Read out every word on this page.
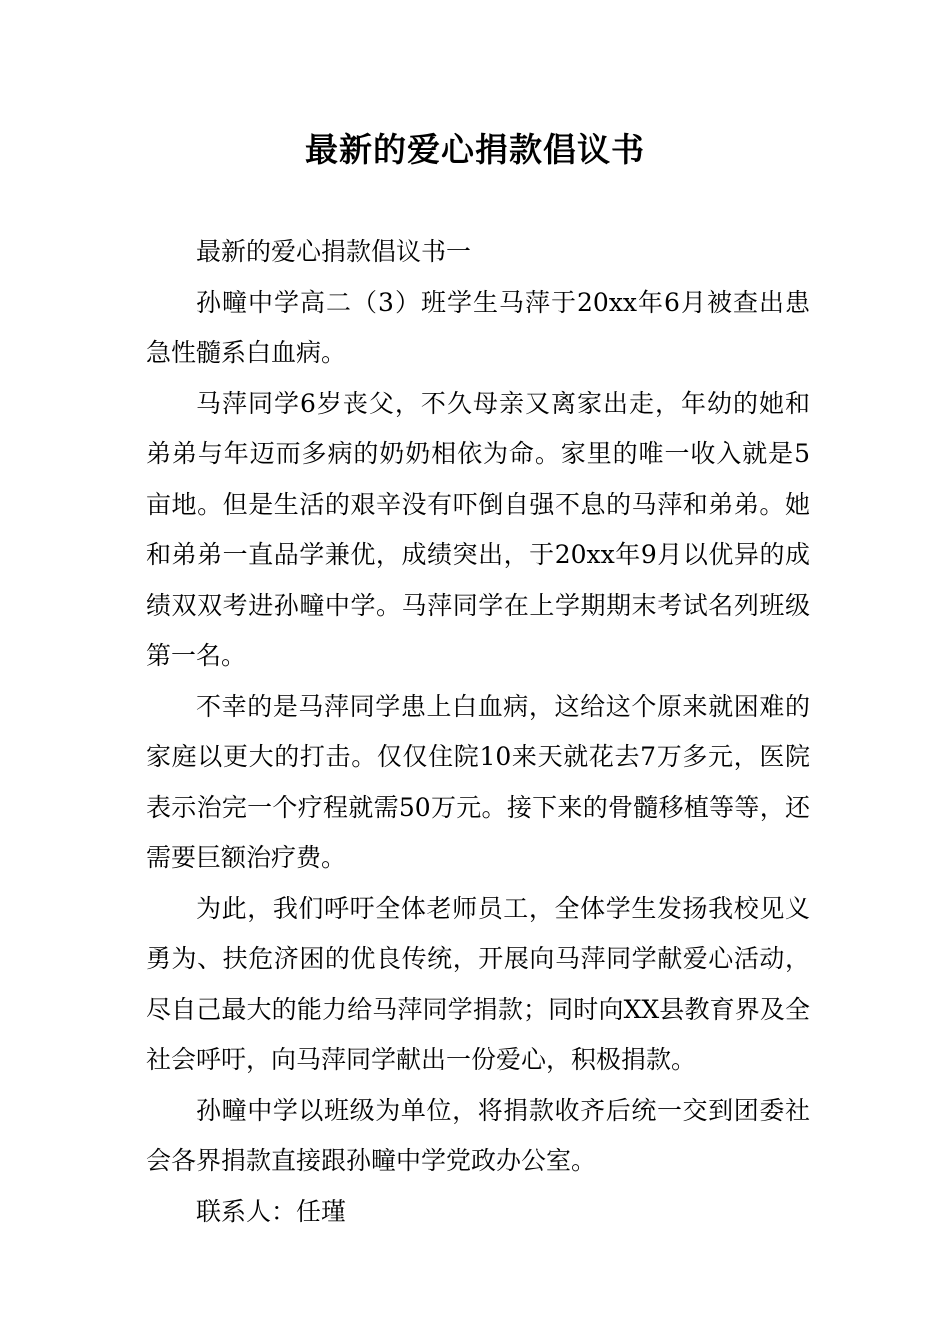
最新的爱心捐款倡议书

最新的爱心捐款倡议书一

孙疃中学高二（3）班学生马萍于20xx年6月被查出患急性髓系白血病。

马萍同学6岁丧父，不久母亲又离家出走，年幼的她和弟弟与年迈而多病的奶奶相依为命。家里的唯一收入就是5亩地。但是生活的艰辛没有吓倒自强不息的马萍和弟弟。她和弟弟一直品学兼优，成绩突出，于20xx年9月以优异的成绩双双考进孙疃中学。马萍同学在上学期期末考试名列班级第一名。

不幸的是马萍同学患上白血病，这给这个原来就困难的家庭以更大的打击。仅仅住院10来天就花去7万多元，医院表示治完一个疗程就需50万元。接下来的骨髓移植等等，还需要巨额治疗费。

为此，我们呼吁全体老师员工，全体学生发扬我校见义勇为、扶危济困的优良传统，开展向马萍同学献爱心活动，尽自己最大的能力给马萍同学捐款；同时向XX县教育界及全社会呼吁，向马萍同学献出一份爱心，积极捐款。

孙疃中学以班级为单位，将捐款收齐后统一交到团委社会各界捐款直接跟孙疃中学党政办公室。

联系人：任瑾
